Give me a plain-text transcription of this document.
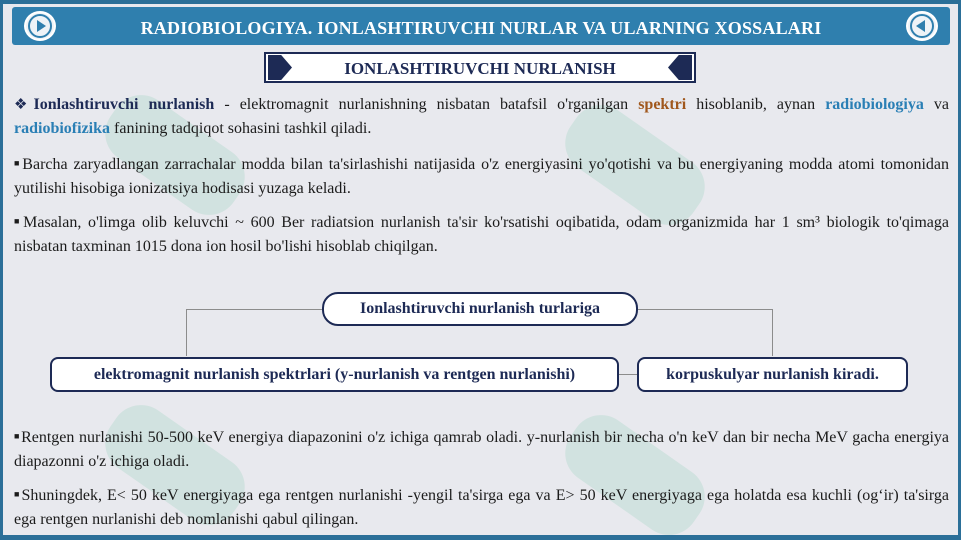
RADIOBIOLOGIYA. IONLASHTIRUVCHI NURLAR VA ULARNING XOSSALARI
IONLASHTIRUVCHI NURLANISH

❖Ionlashtiruvchi nurlanish - elektromagnit nurlanishning nisbatan batafsil o'rganilgan spektri hisoblanib, aynan radiobiologiya va radiobiofizika fanining tadqiqot sohasini tashkil qiladi.

■Barcha zaryadlangan zarrachalar modda bilan ta'sirlashishi natijasida o'z energiyasini yo'qotishi va bu energiyaning modda atomi tomonidan yutilishi hisobiga ionizatsiya hodisasi yuzaga keladi.

■Masalan, o'limga olib keluvchi ~ 600 Ber radiatsion nurlanish ta'sir ko'rsatishi oqibatida, odam organizmida har 1 sm³ biologik to'qimaga nisbatan taxminan 1015 dona ion hosil bo'lishi hisoblab chiqilgan.

Ionlashtiruvchi nurlanish turlariga
elektromagnit nurlanish spektrlari (y-nurlanish va rentgen nurlanishi)	korpuskulyar nurlanish kiradi.

■Rentgen nurlanishi 50-500 keV energiya diapazonini o'z ichiga qamrab oladi. y-nurlanish bir necha o'n keV dan bir necha MeV gacha energiya diapazonni o'z ichiga oladi.

■Shuningdek, E< 50 keV energiyaga ega rentgen nurlanishi -yengil ta'sirga ega va E> 50 keV energiyaga ega holatda esa kuchli (og‘ir) ta'sirga ega rentgen nurlanishi deb nomlanishi qabul qilingan.
